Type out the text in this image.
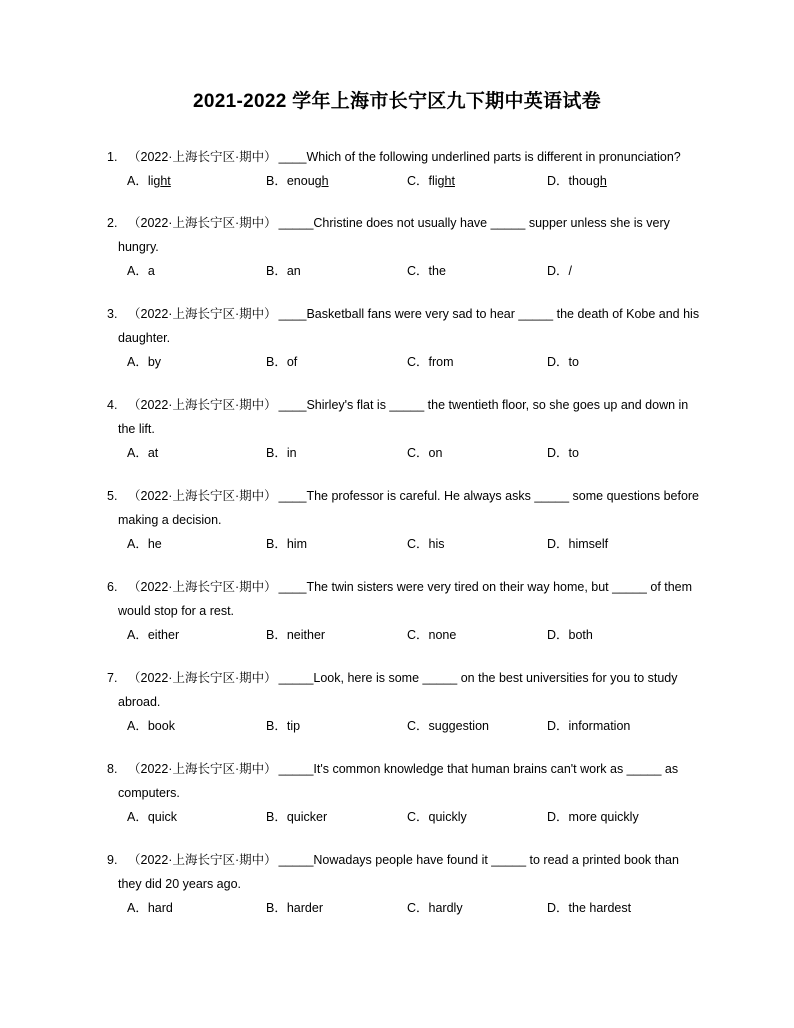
2021-2022 学年上海市长宁区九下期中英语试卷
1. （2022·上海长宁区·期中） ____Which of the following underlined parts is different in pronunciation?
A．light	B．enough	C．flight	D．though
2. （2022·上海长宁区·期中） _____Christine does not usually have _____ supper unless she is very
hungry.
A．a	B．an	C．the	D．/
3. （2022·上海长宁区·期中） ____Basketball fans were very sad to hear _____ the death of Kobe and his
daughter.
A．by	B．of	C．from	D．to
4. （2022·上海长宁区·期中） ____Shirley's flat is _____ the twentieth floor, so she goes up and down in
the lift.
A．at	B．in	C．on	D．to
5. （2022·上海长宁区·期中） ____The professor is careful. He always asks _____ some questions before
making a decision.
A．he	B．him	C．his	D．himself
6. （2022·上海长宁区·期中） ____The twin sisters were very tired on their way home, but _____ of them
would stop for a rest.
A．either	B．neither	C．none	D．both
7. （2022·上海长宁区·期中） _____Look, here is some _____ on the best universities for you to study
abroad.
A．book	B．tip	C．suggestion	D．information
8. （2022·上海长宁区·期中） _____It's common knowledge that human brains can't work as _____ as
computers.
A．quick	B．quicker	C．quickly	D．more quickly
9. （2022·上海长宁区·期中） _____Nowadays people have found it _____ to read a printed book than
they did 20 years ago.
A．hard	B．harder	C．hardly	D．the hardest
